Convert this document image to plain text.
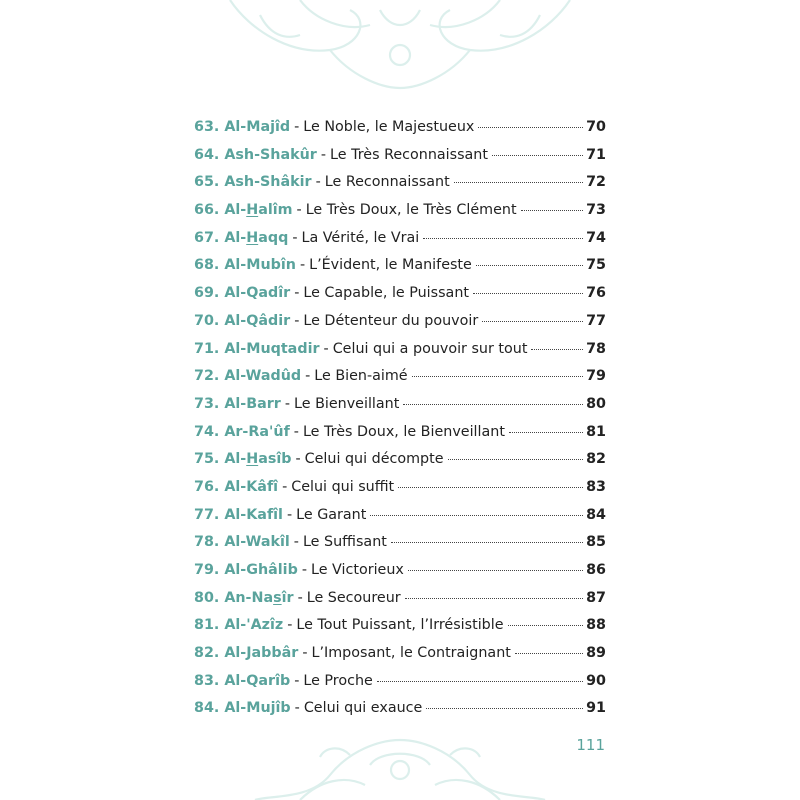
63. Al-Majîd - Le Noble, le Majestueux	70
64. Ash-Shakûr - Le Très Reconnaissant	71
65. Ash-Shâkir - Le Reconnaissant	72
66. Al-Halîm - Le Très Doux, le Très Clément	73
67. Al-Haqq - La Vérité, le Vrai	74
68. Al-Mubîn - L’Évident, le Manifeste	75
69. Al-Qadîr - Le Capable, le Puissant	76
70. Al-Qâdir - Le Détenteur du pouvoir	77
71. Al-Muqtadir - Celui qui a pouvoir sur tout	78
72. Al-Wadûd - Le Bien-aimé	79
73. Al-Barr - Le Bienveillant	80
74. Ar-Ra'ûf - Le Très Doux, le Bienveillant	81
75. Al-Hasîb - Celui qui décompte	82
76. Al-Kâfî - Celui qui suffit	83
77. Al-Kafîl - Le Garant	84
78. Al-Wakîl - Le Suffisant	85
79. Al-Ghâlib - Le Victorieux	86
80. An-Nasîr - Le Secoureur	87
81. Al-'Azîz - Le Tout Puissant, l’Irrésistible	88
82. Al-Jabbâr - L’Imposant, le Contraignant	89
83. Al-Qarîb - Le Proche	90
84. Al-Mujîb - Celui qui exauce	91
111
